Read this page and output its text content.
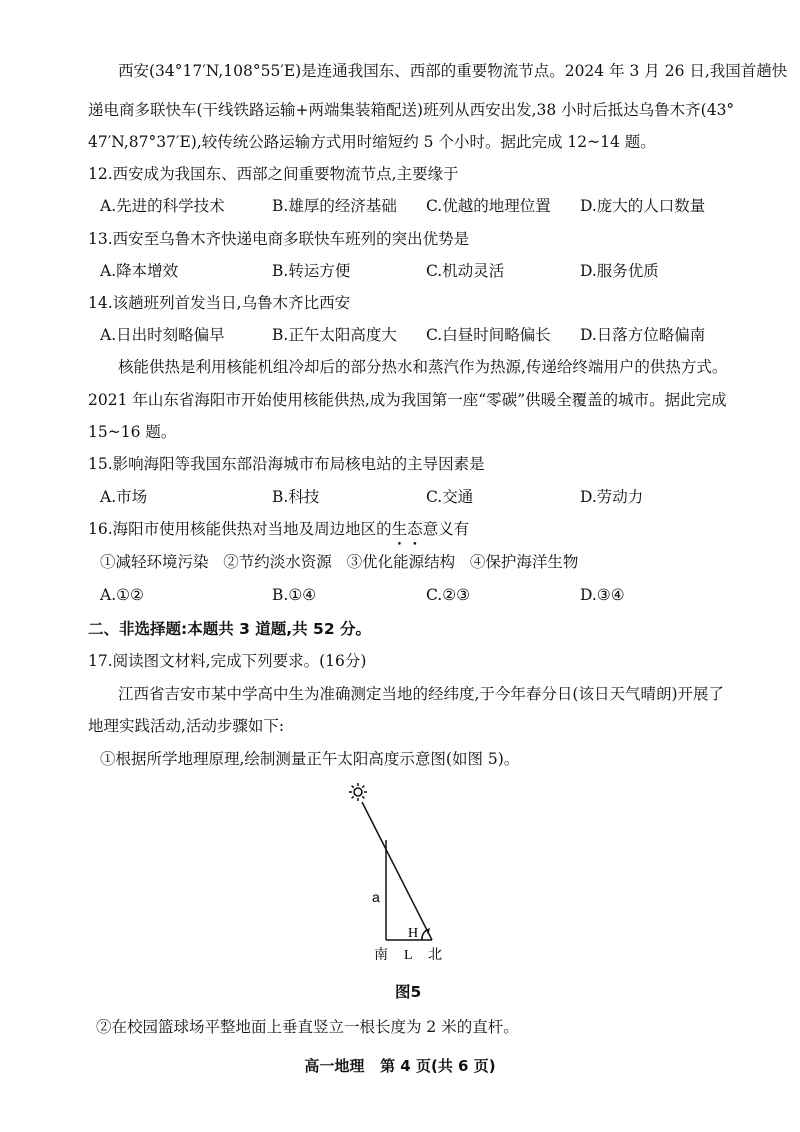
西安(34°17′N,108°55′E)是连通我国东、西部的重要物流节点。2024 年 3 月 26 日,我国首趟快
递电商多联快车(干线铁路运输+两端集装箱配送)班列从西安出发,38 小时后抵达乌鲁木齐(43°
47′N,87°37′E),较传统公路运输方式用时缩短约 5 个小时。据此完成 12~14 题。
12.西安成为我国东、西部之间重要物流节点,主要缘于
A.先进的科学技术	B.雄厚的经济基础 C.优越的地理位置 D.庞大的人口数量
13.西安至乌鲁木齐快递电商多联快车班列的突出优势是
A.降本增效	B.转运方便	C.机动灵活	D.服务优质
14.该趟班列首发当日,乌鲁木齐比西安
A.日出时刻略偏早	B.正午太阳高度大 C.白昼时间略偏长 D.日落方位略偏南
核能供热是利用核能机组冷却后的部分热水和蒸汽作为热源,传递给终端用户的供热方式。
2021 年山东省海阳市开始使用核能供热,成为我国第一座“零碳”供暖全覆盖的城市。据此完成
15~16 题。
15.影响海阳等我国东部沿海城市布局核电站的主导因素是
A.市场	B.科技	C.交通	D.劳动力
16.海阳市使用核能供热对当地及周边地区的生态意义有
①减轻环境污染   ②节约淡水资源   ③优化能源结构   ④保护海洋生物
A.①②	B.①④	C.②③	D.③④
二、非选择题:本题共 3 道题,共 52 分。
17.阅读图文材料,完成下列要求。(16分)
江西省吉安市某中学高中生为准确测定当地的经纬度,于今年春分日(该日天气晴朗)开展了
地理实践活动,活动步骤如下:
①根据所学地理原理,绘制测量正午太阳高度示意图(如图 5)。
a
H
南 L 北
图5
②在校园篮球场平整地面上垂直竖立一根长度为 2 米的直杆。
高一地理   第 4 页(共 6 页)
